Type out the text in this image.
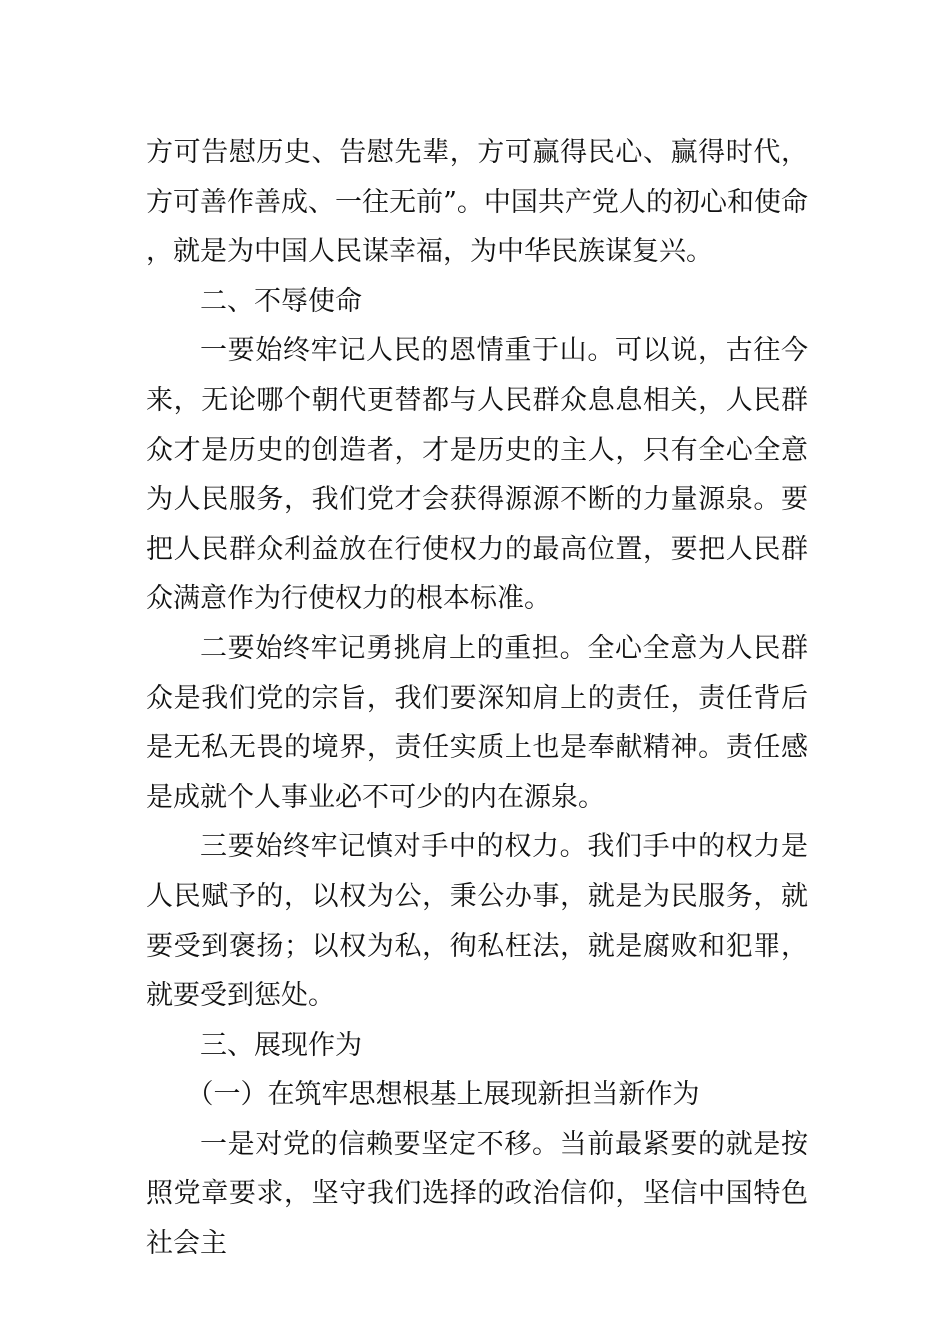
方可告慰历史、告慰先辈，方可赢得民心、赢得时代，方可善作善成、一往无前”。中国共产党人的初心和使命，就是为中国人民谋幸福，为中华民族谋复兴。

二、不辱使命

一要始终牢记人民的恩情重于山。可以说，古往今来，无论哪个朝代更替都与人民群众息息相关，人民群众才是历史的创造者，才是历史的主人，只有全心全意为人民服务，我们党才会获得源源不断的力量源泉。要把人民群众利益放在行使权力的最高位置，要把人民群众满意作为行使权力的根本标准。

二要始终牢记勇挑肩上的重担。全心全意为人民群众是我们党的宗旨，我们要深知肩上的责任，责任背后是无私无畏的境界，责任实质上也是奉献精神。责任感是成就个人事业必不可少的内在源泉。

三要始终牢记慎对手中的权力。我们手中的权力是人民赋予的，以权为公，秉公办事，就是为民服务，就要受到褒扬；以权为私，徇私枉法，就是腐败和犯罪，就要受到惩处。

三、展现作为

（一）在筑牢思想根基上展现新担当新作为

一是对党的信赖要坚定不移。当前最紧要的就是按照党章要求，坚守我们选择的政治信仰，坚信中国特色社会主
